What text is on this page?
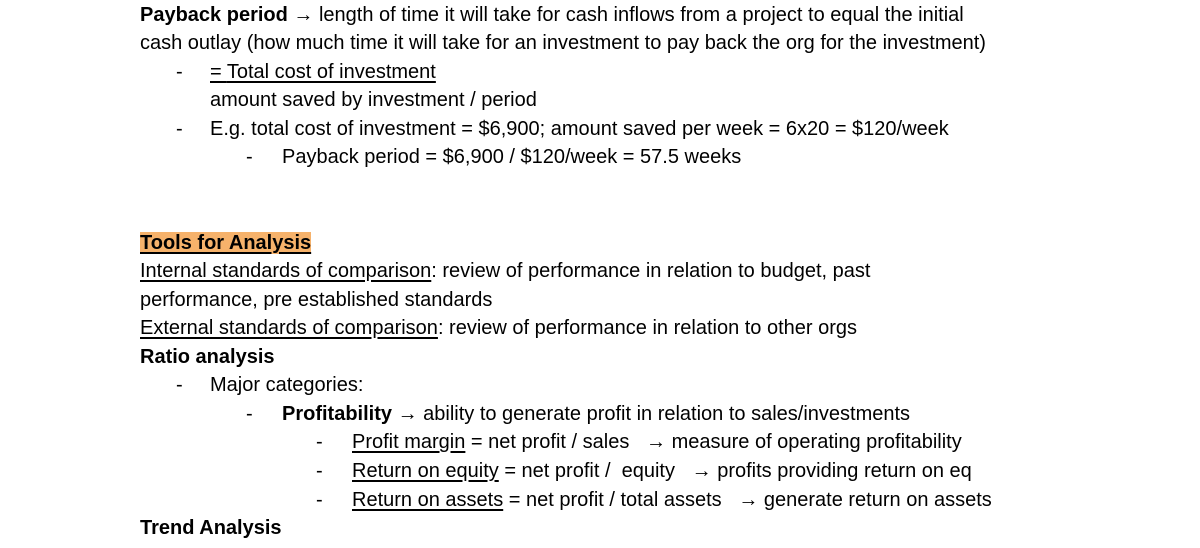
Payback period → length of time it will take for cash inflows from a project to equal the initial
cash outlay (how much time it will take for an investment to pay back the org for the investment)
- = Total cost of investment
amount saved by investment / period
- E.g. total cost of investment = $6,900; amount saved per week = 6x20 = $120/week
- Payback period = $6,900 / $120/week = 57.5 weeks
Tools for Analysis
Internal standards of comparison: review of performance in relation to budget, past
performance, pre established standards
External standards of comparison: review of performance in relation to other orgs
Ratio analysis
- Major categories:
- Profitability → ability to generate profit in relation to sales/investments
- Profit margin = net profit / sales   → measure of operating profitability
- Return on equity = net profit /  equity   → profits providing return on eq
- Return on assets = net profit / total assets   → generate return on assets
Trend Analysis
